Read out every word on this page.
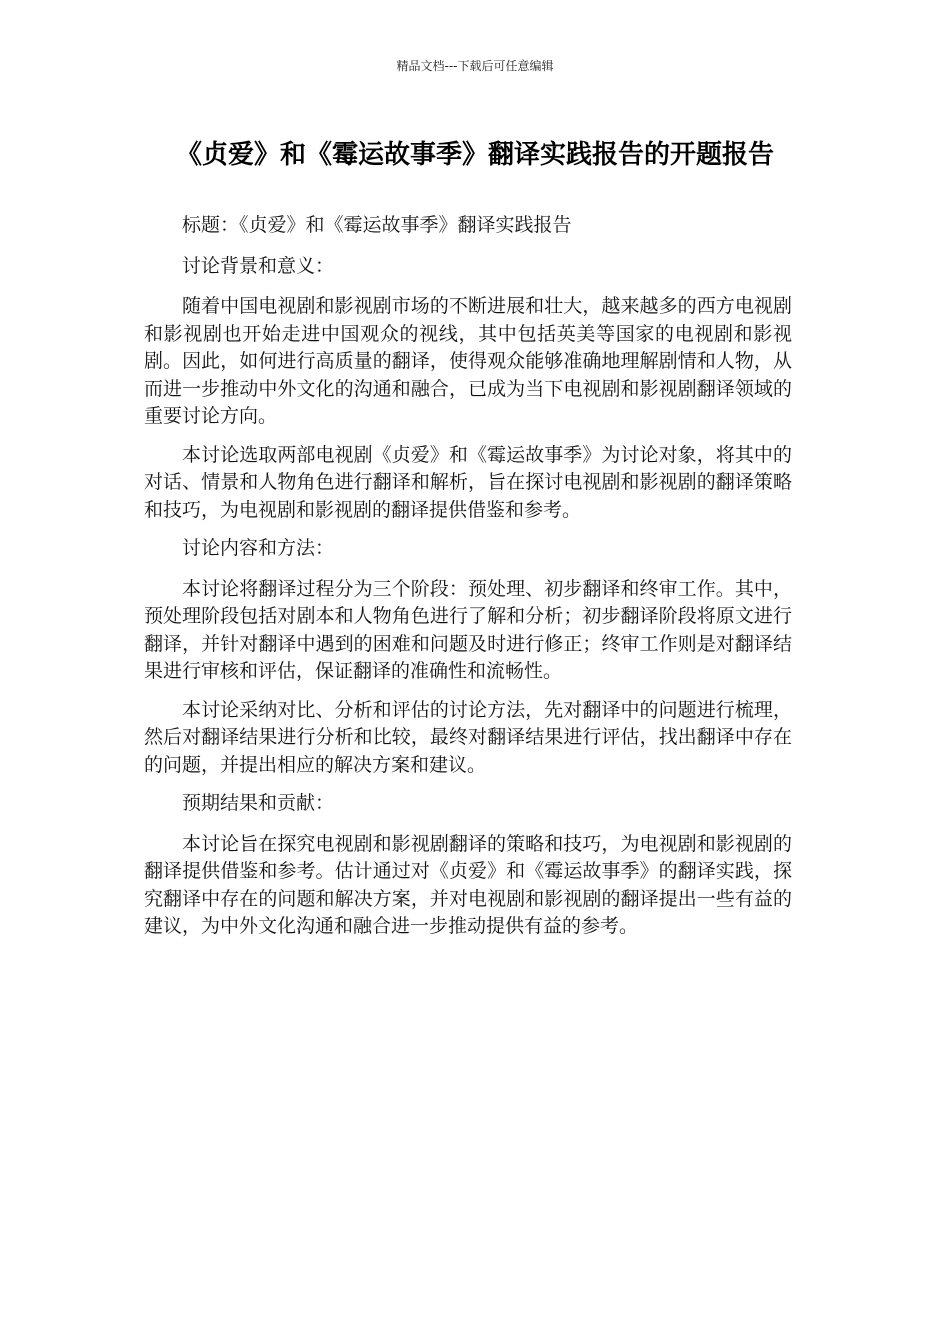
精品文档---下载后可任意编辑
《贞爱》和《霉运故事季》翻译实践报告的开题报告

标题：《贞爱》和《霉运故事季》翻译实践报告

讨论背景和意义：

随着中国电视剧和影视剧市场的不断进展和壮大，越来越多的西方电视剧和影视剧也开始走进中国观众的视线，其中包括英美等国家的电视剧和影视剧。因此，如何进行高质量的翻译，使得观众能够准确地理解剧情和人物，从而进一步推动中外文化的沟通和融合，已成为当下电视剧和影视剧翻译领域的重要讨论方向。

本讨论选取两部电视剧《贞爱》和《霉运故事季》为讨论对象，将其中的对话、情景和人物角色进行翻译和解析，旨在探讨电视剧和影视剧的翻译策略和技巧，为电视剧和影视剧的翻译提供借鉴和参考。

讨论内容和方法：

本讨论将翻译过程分为三个阶段：预处理、初步翻译和终审工作。其中，预处理阶段包括对剧本和人物角色进行了解和分析；初步翻译阶段将原文进行翻译，并针对翻译中遇到的困难和问题及时进行修正；终审工作则是对翻译结果进行审核和评估，保证翻译的准确性和流畅性。

本讨论采纳对比、分析和评估的讨论方法，先对翻译中的问题进行梳理，然后对翻译结果进行分析和比较，最终对翻译结果进行评估，找出翻译中存在的问题，并提出相应的解决方案和建议。

预期结果和贡献：

本讨论旨在探究电视剧和影视剧翻译的策略和技巧，为电视剧和影视剧的翻译提供借鉴和参考。估计通过对《贞爱》和《霉运故事季》的翻译实践，探究翻译中存在的问题和解决方案，并对电视剧和影视剧的翻译提出一些有益的建议，为中外文化沟通和融合进一步推动提供有益的参考。
